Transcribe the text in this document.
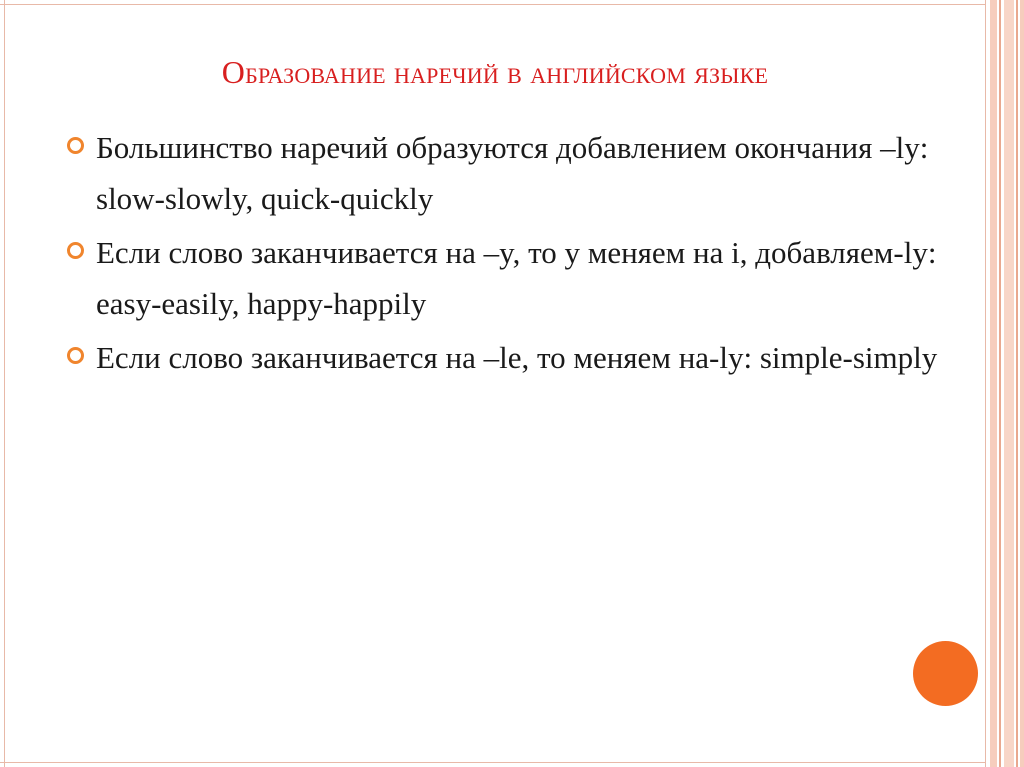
Образование наречий в английском языке
Большинство наречий образуются добавлением окончания –ly: slow-slowly, quick-quickly
Если слово заканчивается на –y, то y меняем на i, добавляем-ly: easy-easily, happy-happily
Если слово заканчивается на –le, то меняем на-ly: simple-simply
